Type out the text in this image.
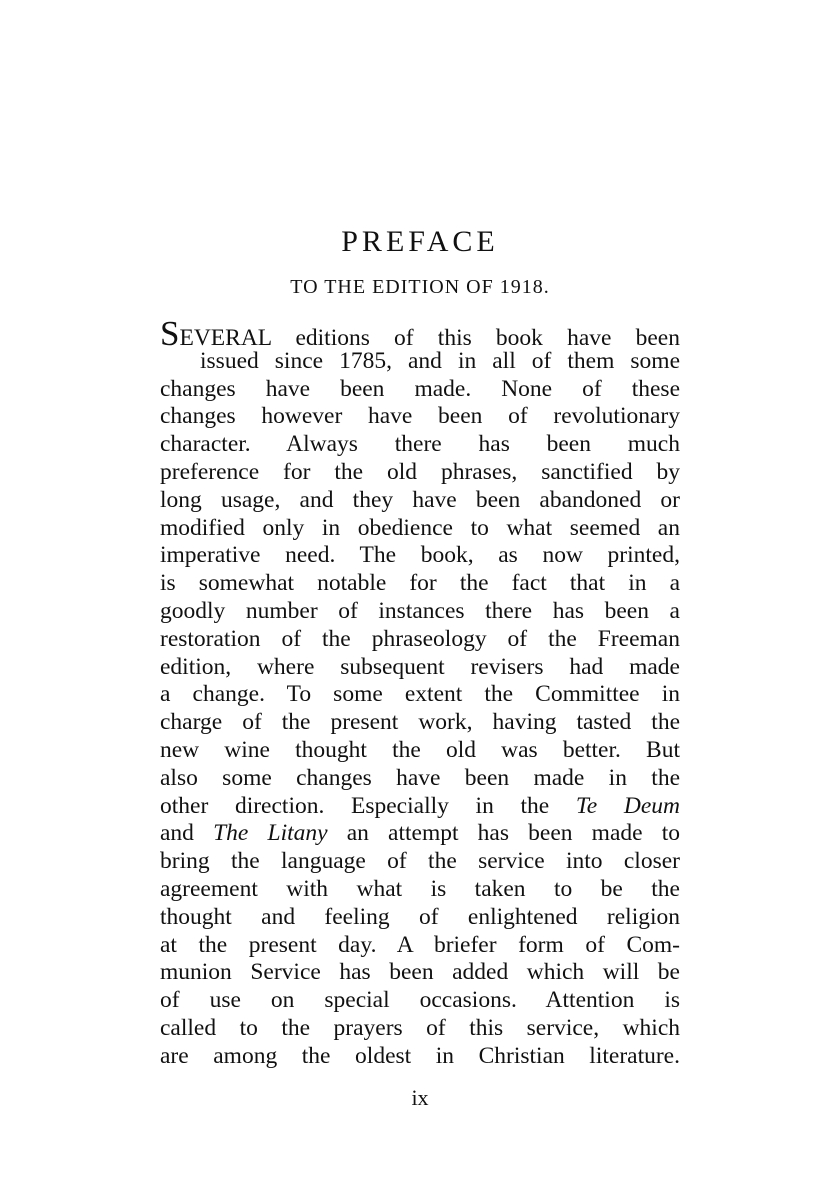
PREFACE
TO THE EDITION OF 1918.
SEVERAL editions of this book have been
issued since 1785, and in all of them some
changes have been made. None of these
changes however have been of revolutionary
character. Always there has been much
preference for the old phrases, sanctified by
long usage, and they have been abandoned or
modified only in obedience to what seemed an
imperative need. The book, as now printed,
is somewhat notable for the fact that in a
goodly number of instances there has been a
restoration of the phraseology of the Freeman
edition, where subsequent revisers had made
a change. To some extent the Committee in
charge of the present work, having tasted the
new wine thought the old was better. But
also some changes have been made in the
other direction. Especially in the Te Deum
and The Litany an attempt has been made to
bring the language of the service into closer
agreement with what is taken to be the
thought and feeling of enlightened religion
at the present day. A briefer form of Com-
munion Service has been added which will be
of use on special occasions. Attention is
called to the prayers of this service, which
are among the oldest in Christian literature.
ix
